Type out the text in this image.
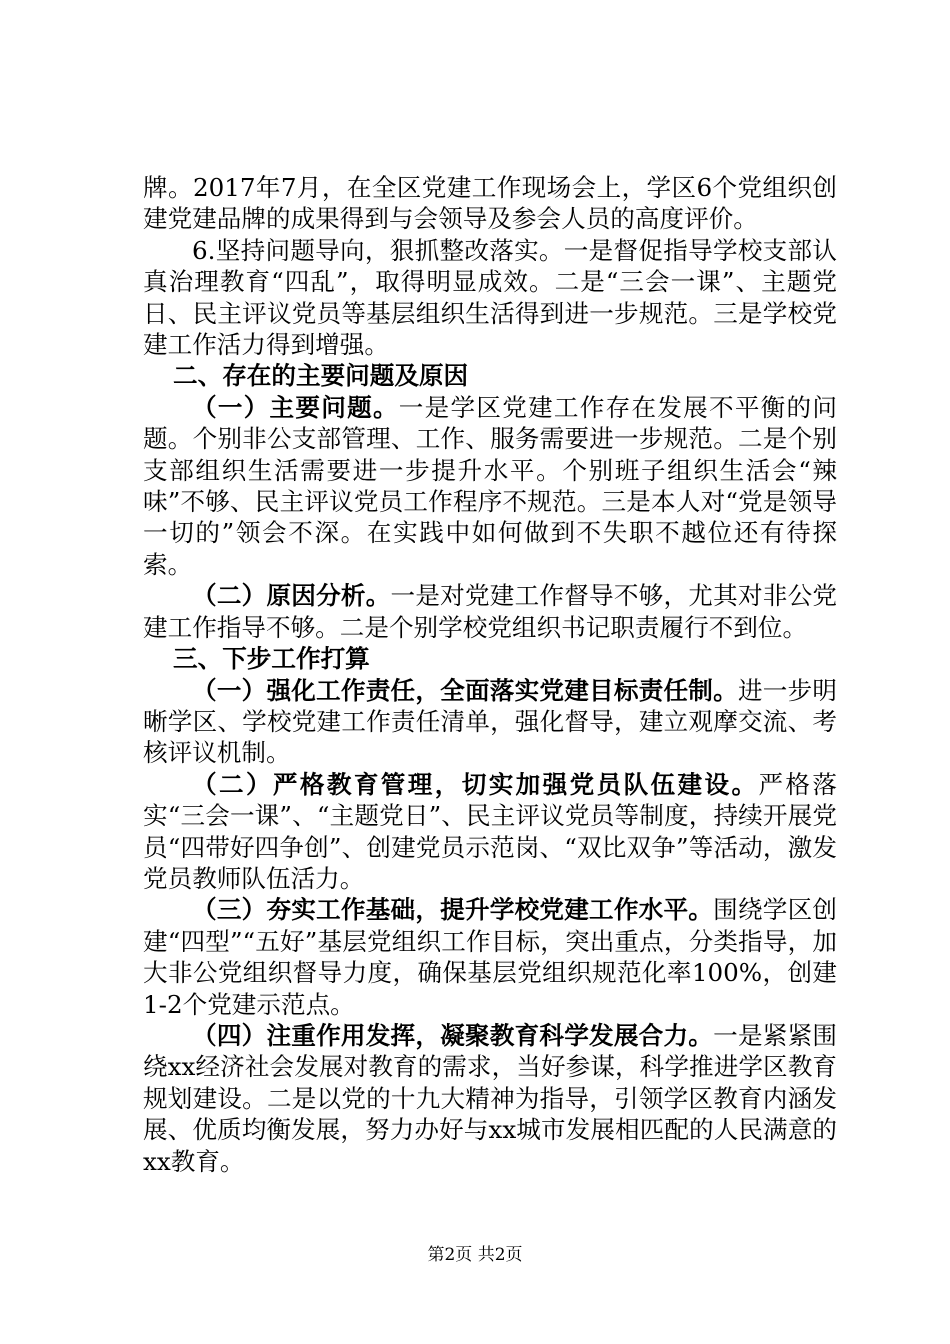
牌。2017年7月，在全区党建工作现场会上，学区6个党组织创建党建品牌的成果得到与会领导及参会人员的高度评价。

6.坚持问题导向，狠抓整改落实。一是督促指导学校支部认真治理教育“四乱”，取得明显成效。二是“三会一课”、主题党日、民主评议党员等基层组织生活得到进一步规范。三是学校党建工作活力得到增强。

二、存在的主要问题及原因

（一）主要问题。一是学区党建工作存在发展不平衡的问题。个别非公支部管理、工作、服务需要进一步规范。二是个别支部组织生活需要进一步提升水平。个别班子组织生活会“辣味”不够、民主评议党员工作程序不规范。三是本人对“党是领导一切的”领会不深。在实践中如何做到不失职不越位还有待探索。

（二）原因分析。一是对党建工作督导不够，尤其对非公党建工作指导不够。二是个别学校党组织书记职责履行不到位。

三、下步工作打算

（一）强化工作责任，全面落实党建目标责任制。进一步明晰学区、学校党建工作责任清单，强化督导，建立观摩交流、考核评议机制。

（二）严格教育管理，切实加强党员队伍建设。严格落实“三会一课”、“主题党日”、民主评议党员等制度，持续开展党员“四带好四争创”、创建党员示范岗、“双比双争”等活动，激发党员教师队伍活力。

（三）夯实工作基础，提升学校党建工作水平。围绕学区创建“四型”“五好”基层党组织工作目标，突出重点，分类指导，加大非公党组织督导力度，确保基层党组织规范化率100%，创建1-2个党建示范点。

（四）注重作用发挥，凝聚教育科学发展合力。一是紧紧围绕xx经济社会发展对教育的需求，当好参谋，科学推进学区教育规划建设。二是以党的十九大精神为指导，引领学区教育内涵发展、优质均衡发展，努力办好与xx城市发展相匹配的人民满意的xx教育。

第2页 共2页
